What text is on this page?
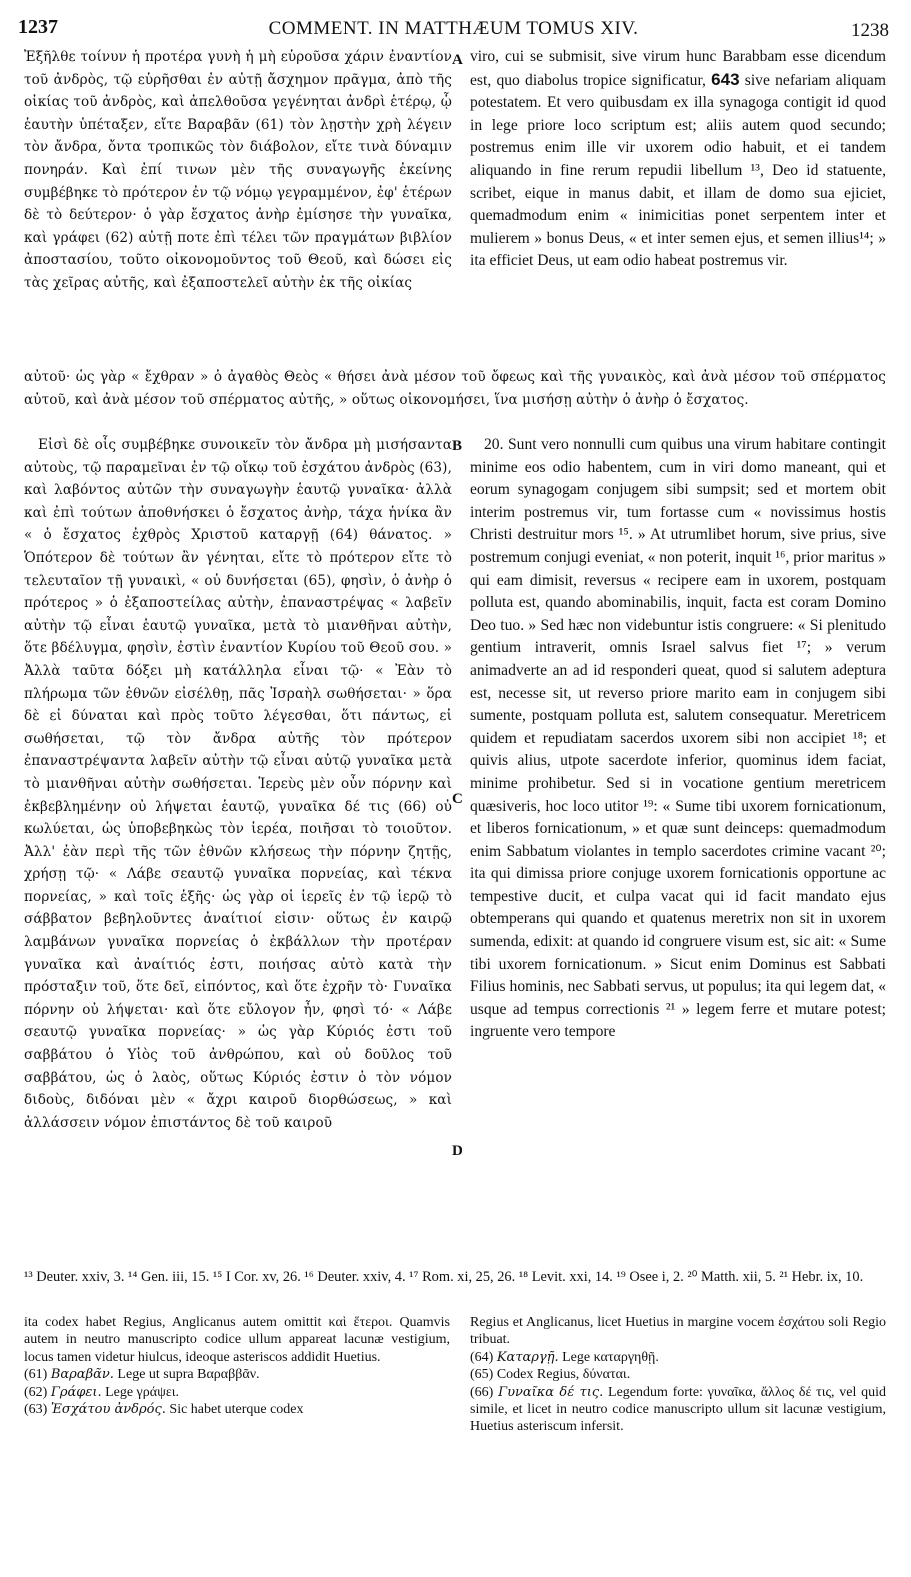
1237	COMMENT. IN MATTHÆUM TOMUS XIV.	1238

Ἐξῆλθε τοίνυν ἡ προτέρα γυνὴ ἡ μὴ εὑροῦσα χάριν ἐναντίον τοῦ ἀνδρὸς, τῷ εὑρῆσθαι ἐν αὐτῇ ἄσχημον πρᾶγμα, ἀπὸ τῆς οἰκίας τοῦ ἀνδρὸς, καὶ ἀπελθοῦσα γεγένηται ἀνδρὶ ἑτέρῳ, ᾧ ἑαυτὴν ὑπέταξεν, εἴτε Βαραβᾶν (61) τὸν λῃστὴν χρὴ λέγειν τὸν ἄνδρα, ὄντα τροπικῶς τὸν διάβολον, εἴτε τινὰ δύναμιν πονηράν. Καὶ ἐπί τινων μὲν τῆς συναγωγῆς ἐκείνης συμβέβηκε τὸ πρότερον ἐν τῷ νόμῳ γεγραμμένον, ἐφ' ἑτέρων δὲ τὸ δεύτερον· ὁ γὰρ ἔσχατος ἀνὴρ ἐμίσησε τὴν γυναῖκα, καὶ γράφει (62) αὐτῇ ποτε ἐπὶ τέλει τῶν πραγμάτων βιβλίον ἀποστασίου, τοῦτο οἰκονομοῦντος τοῦ Θεοῦ, καὶ δώσει εἰς τὰς χεῖρας αὐτῆς, καὶ ἐξαποστελεῖ αὐτὴν ἐκ τῆς οἰκίας

A viro, cui se submisit, sive virum hunc Barabbam esse dicendum est, quo diabolus tropice significatur, 643 sive nefariam aliquam potestatem. Et vero quibusdam ex illa synagoga contigit id quod in lege priore loco scriptum est; aliis autem quod secundo; postremus enim ille vir uxorem odio habuit, et ei tandem aliquando in fine rerum repudii libellum ¹³, Deo id statuente, scribet, eique in manus dabit, et illam de domo sua ejiciet, quemadmodum enim « inimicitias ponet serpentem inter et mulierem » bonus Deus, « et inter semen ejus, et semen illius¹⁴; » ita efficiet Deus, ut eam odio habeat postremus vir.

αὐτοῦ· ὡς γὰρ « ἔχθραν » ὁ ἀγαθὸς Θεὸς « θήσει ἀνὰ μέσον τοῦ ὄφεως καὶ τῆς γυναικὸς, καὶ ἀνὰ μέσον τοῦ σπέρματος αὐτοῦ, καὶ ἀνὰ μέσον τοῦ σπέρματος αὐτῆς, » οὕτως οἰκονομήσει, ἵνα μισήσῃ αὐτὴν ὁ ἀνὴρ ὁ ἔσχατος.

B
C
D

Εἰσὶ δὲ οἷς συμβέβηκε συνοικεῖν τὸν ἄνδρα μὴ μισήσαντα αὐτοὺς, τῷ παραμεῖναι ἐν τῷ οἴκῳ τοῦ ἐσχάτου ἀνδρὸς (63), καὶ λαβόντος αὐτῶν τὴν συναγωγὴν ἑαυτῷ γυναῖκα· ἀλλὰ καὶ ἐπὶ τούτων ἀποθνήσκει ὁ ἔσχατος ἀνὴρ, τάχα ἡνίκα ἂν « ὁ ἔσχατος ἐχθρὸς Χριστοῦ καταργῇ (64) θάνατος. » Ὁπότερον δὲ τούτων ἂν γένηται, εἴτε τὸ πρότερον εἴτε τὸ τελευταῖον τῇ γυναικὶ, « οὐ δυνήσεται (65), φησὶν, ὁ ἀνὴρ ὁ πρότερος » ὁ ἐξαποστείλας αὐτὴν, ἐπαναστρέψας « λαβεῖν αὐτὴν τῷ εἶναι ἑαυτῷ γυναῖκα, μετὰ τὸ μιανθῆναι αὐτὴν, ὅτε βδέλυγμα, φησὶν, ἐστὶν ἐναντίον Κυρίου τοῦ Θεοῦ σου. » Ἀλλὰ ταῦτα δόξει μὴ κατάλληλα εἶναι τῷ· « Ἐὰν τὸ πλήρωμα τῶν ἐθνῶν εἰσέλθῃ, πᾶς Ἰσραὴλ σωθήσεται· » ὅρα δὲ εἰ δύναται καὶ πρὸς τοῦτο λέγεσθαι, ὅτι πάντως, εἰ σωθήσεται, τῷ τὸν ἄνδρα αὐτῆς τὸν πρότερον ἐπαναστρέψαντα λαβεῖν αὐτὴν τῷ εἶναι αὐτῷ γυναῖκα μετὰ τὸ μιανθῆναι αὐτὴν σωθήσεται. Ἱερεὺς μὲν οὖν πόρνην καὶ ἐκβεβλημένην οὐ λήψεται ἑαυτῷ, γυναῖκα δέ τις (66) οὐ κωλύεται, ὡς ὑποβεβηκὼς τὸν ἱερέα, ποιῆσαι τὸ τοιοῦτον. Ἀλλ' ἐὰν περὶ τῆς τῶν ἐθνῶν κλήσεως τὴν πόρνην ζητῇς, χρήσῃ τῷ· « Λάβε σεαυτῷ γυναῖκα πορνείας, καὶ τέκνα πορνείας, » καὶ τοῖς ἑξῆς· ὡς γὰρ οἱ ἱερεῖς ἐν τῷ ἱερῷ τὸ σάββατον βεβηλοῦντες ἀναίτιοί εἰσιν· οὕτως ἐν καιρῷ λαμβάνων γυναῖκα πορνείας ὁ ἐκβάλλων τὴν προτέραν γυναῖκα καὶ ἀναίτιός ἐστι, ποιήσας αὐτὸ κατὰ τὴν πρόσταξιν τοῦ, ὅτε δεῖ, εἰπόντος, καὶ ὅτε ἐχρῆν τὸ· Γυναῖκα πόρνην οὐ λήψεται· καὶ ὅτε εὔλογον ἦν, φησὶ τό· « Λάβε σεαυτῷ γυναῖκα πορνείας· » ὡς γὰρ Κύριός ἐστι τοῦ σαββάτου ὁ Υἱὸς τοῦ ἀνθρώπου, καὶ οὐ δοῦλος τοῦ σαββάτου, ὡς ὁ λαὸς, οὕτως Κύριός ἐστιν ὁ τὸν νόμον διδοὺς, διδόναι μὲν « ἄχρι καιροῦ διορθώσεως, » καὶ ἀλλάσσειν νόμον ἐπιστάντος δὲ τοῦ καιροῦ

20. Sunt vero nonnulli cum quibus una virum habitare contingit minime eos odio habentem, cum in viri domo maneant, qui et eorum synagogam conjugem sibi sumpsit; sed et mortem obit interim postremus vir, tum fortasse cum « novissimus hostis Christi destruitur mors ¹⁵. » At utrumlibet horum, sive prius, sive postremum conjugi eveniat, « non poterit, inquit ¹⁶, prior maritus » qui eam dimisit, reversus « recipere eam in uxorem, postquam polluta est, quando abominabilis, inquit, facta est coram Domino Deo tuo. » Sed hæc non videbuntur istis congruere: « Si plenitudo gentium intraverit, omnis Israel salvus fiet ¹⁷; » verum animadverte an ad id responderi queat, quod si salutem adeptura est, necesse sit, ut reverso priore marito eam in conjugem sibi sumente, postquam polluta est, salutem consequatur. Meretricem quidem et repudiatam sacerdos uxorem sibi non accipiet ¹⁸; et quivis alius, utpote sacerdote inferior, quominus idem faciat, minime prohibetur. Sed si in vocatione gentium meretricem quæsiveris, hoc loco utitor ¹⁹: « Sume tibi uxorem fornicationum, et liberos fornicationum, » et quæ sunt deinceps: quemadmodum enim Sabbatum violantes in templo sacerdotes crimine vacant ²⁰; ita qui dimissa priore conjuge uxorem fornicationis opportune ac tempestive ducit, et culpa vacat qui id facit mandato ejus obtemperans qui quando et quatenus meretrix non sit in uxorem sumenda, edixit: at quando id congruere visum est, sic ait: « Sume tibi uxorem fornicationum. » Sicut enim Dominus est Sabbati Filius hominis, nec Sabbati servus, ut populus; ita qui legem dat, « usque ad tempus correctionis ²¹ » legem ferre et mutare potest; ingruente vero tempore

¹³ Deuter. xxiv, 3. ¹⁴ Gen. iii, 15. ¹⁵ I Cor. xv, 26. ¹⁶ Deuter. xxiv, 4. ¹⁷ Rom. xi, 25, 26. ¹⁸ Levit. xxi, 14. ¹⁹ Osee i, 2. ²⁰ Matth. xii, 5. ²¹ Hebr. ix, 10.

ita codex habet Regius, Anglicanus autem omittit καὶ ἕτεροι. Quamvis autem in neutro manuscripto codice ullum appareat lacunæ vestigium, locus tamen videtur hiulcus, ideoque asteriscos addidit Huetius.

(61) Βαραβᾶν. Lege ut supra Βαραββᾶν.

(62) Γράφει. Lege γράψει.

(63) Ἐσχάτου ἀνδρός. Sic habet uterque codex

Regius et Anglicanus, licet Huetius in margine vocem ἐσχάτου soli Regio tribuat.

(64) Καταργῇ. Lege καταργηθῇ.

(65) Codex Regius, δύναται.

(66) Γυναῖκα δέ τις. Legendum forte: γυναῖκα, ἄλλος δέ τις, vel quid simile, et licet in neutro codice manuscripto ullum sit lacunæ vestigium, Huetius asteriscum infersit.
